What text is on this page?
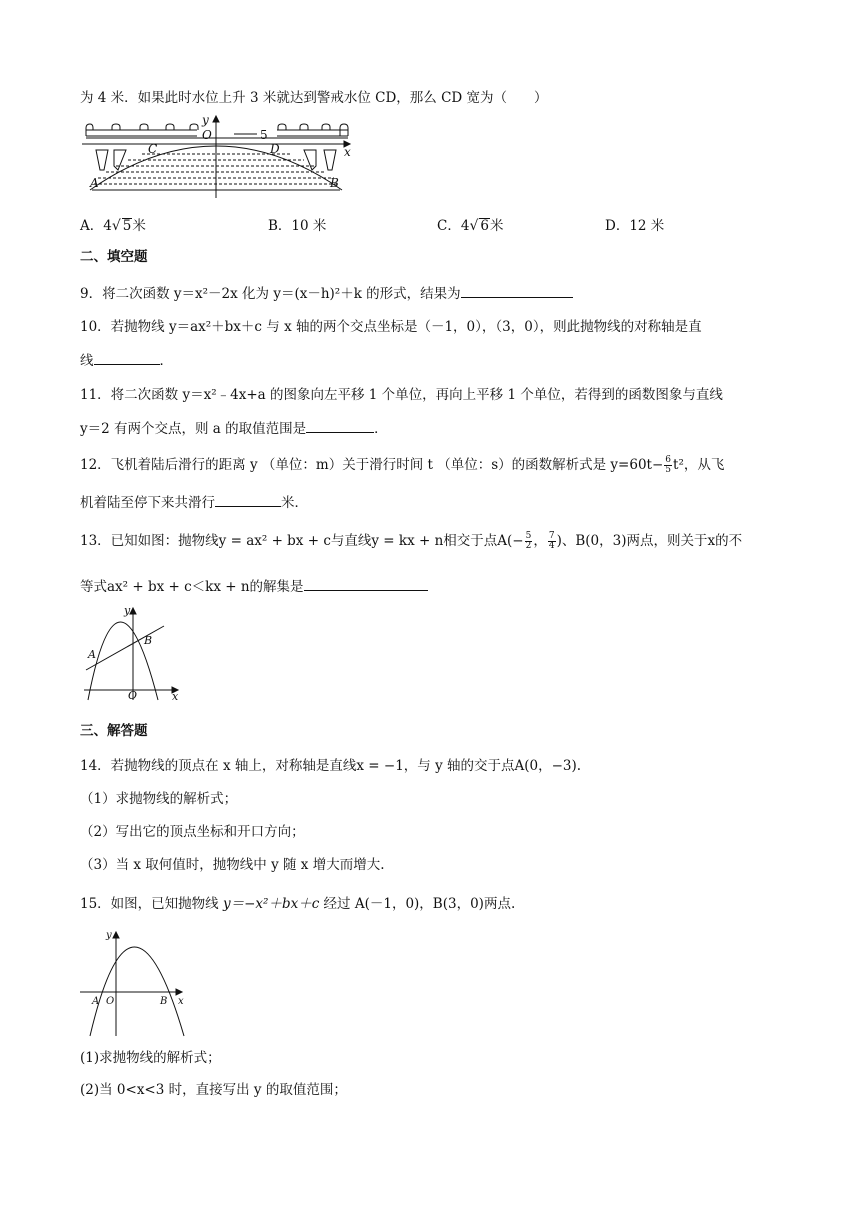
为 4 米．如果此时水位上升 3 米就达到警戒水位 CD，那么 CD 宽为（　　）
y
O	5
x
C	D
A	B
A．4√ 5米	B．10 米	C．4√ 6米	D．12 米
二、填空题
9．将二次函数 y＝x²－2x 化为 y＝(x－h)²＋k 的形式，结果为
10．若抛物线 y＝ax²＋bx＋c 与 x 轴的两个交点坐标是（－1，0），（3，0），则此抛物线的对称轴是直
线	．
11．将二次函数 y＝x²﹣4x+a 的图象向左平移 1 个单位，再向上平移 1 个单位，若得到的函数图象与直线
y＝2 有两个交点，则 a 的取值范围是	．
12．飞机着陆后滑行的距离 y （单位：m）关于滑行时间 t （单位：s）的函数解析式是 $y=60t- \frac{6}{5} t^2$，从飞
机着陆至停下来共滑行	米．
13．已知如图：抛物线y = ax² + bx + c与直线y = kx + n相交于点$A(- \frac{5}{2}$ ， $\frac{7}{4}$ )、B(0，3)两点，则关于x的不
等式ax² + bx + c＜kx + n的解集是
y
A
B
O	x
三、解答题
14．若抛物线的顶点在 x 轴上，对称轴是直线x = −1，与 y 轴的交于点A(0，−3).
（1）求抛物线的解析式；
（2）写出它的顶点坐标和开口方向；
（3）当 x 取何值时，抛物线中 y 随 x 增大而增大.
15．如图，已知抛物线 y＝−x²＋bx＋c 经过 A(－1，0)，B(3，0)两点.
y
A O	B x
(1)求抛物线的解析式；
(2)当 0<x<3 时，直接写出 y 的取值范围；
